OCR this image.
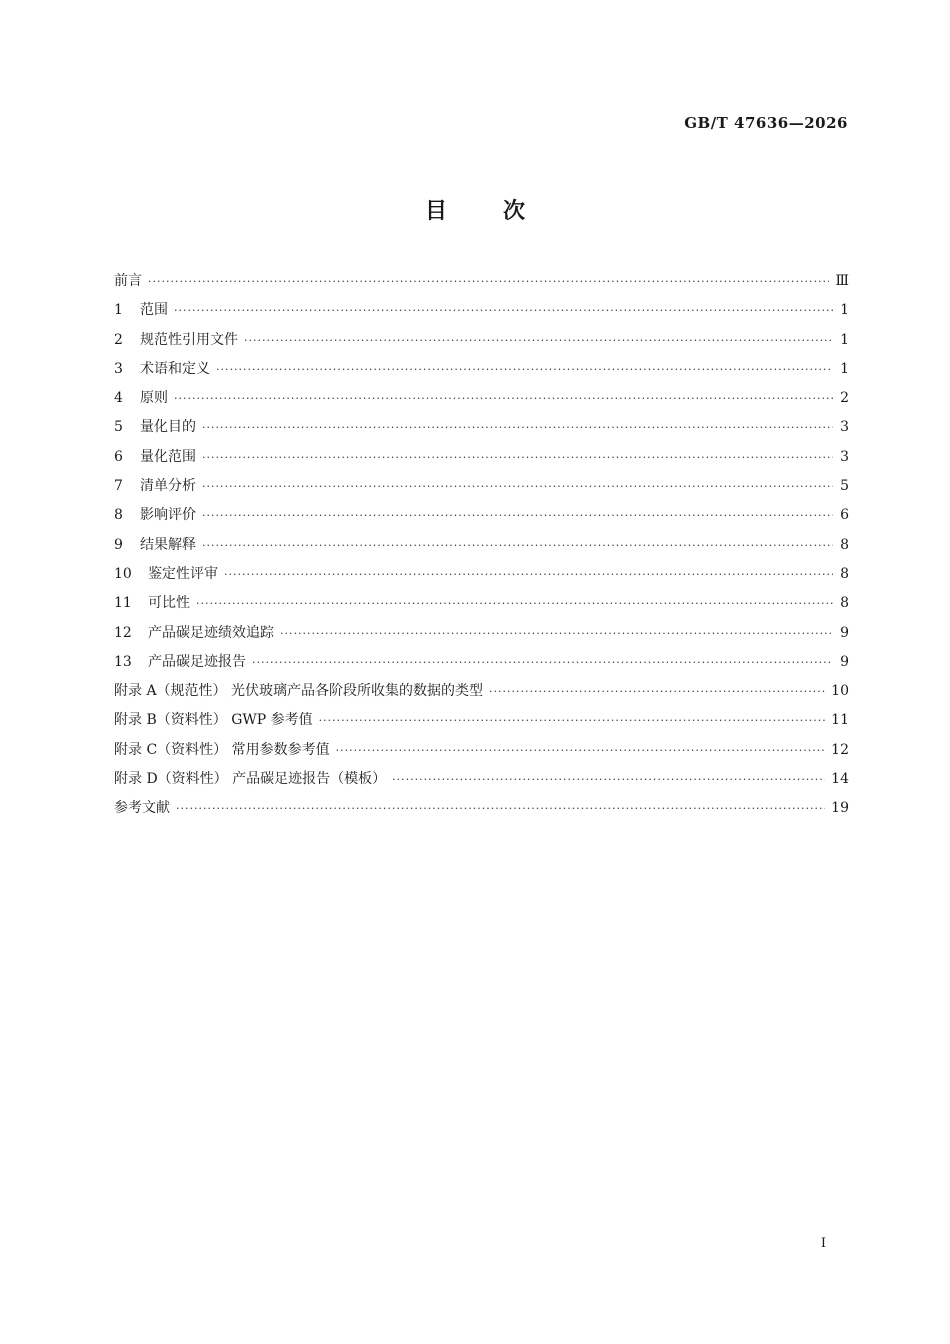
GB/T 47636—2026
目	次
前言 ·····	Ⅲ
1	范围 ·····	1
2	规范性引用文件 ·····	1
3	术语和定义 ·····	1
4	原则 ·····	2
5	量化目的 ·····	3
6	量化范围 ·····	3
7	清单分析 ·····	5
8	影响评价 ·····	6
9	结果解释 ·····	8
10	鉴定性评审 ·····	8
11	可比性 ·····	8
12	产品碳足迹绩效追踪 ·····	9
13	产品碳足迹报告 ·····	9
附录 A（规范性） 光伏玻璃产品各阶段所收集的数据的类型 ·····	10
附录 B（资料性） GWP 参考值 ·····	11
附录 C（资料性） 常用参数参考值 ·····	12
附录 D（资料性） 产品碳足迹报告（模板） ·····	14
参考文献 ·····	19
I
